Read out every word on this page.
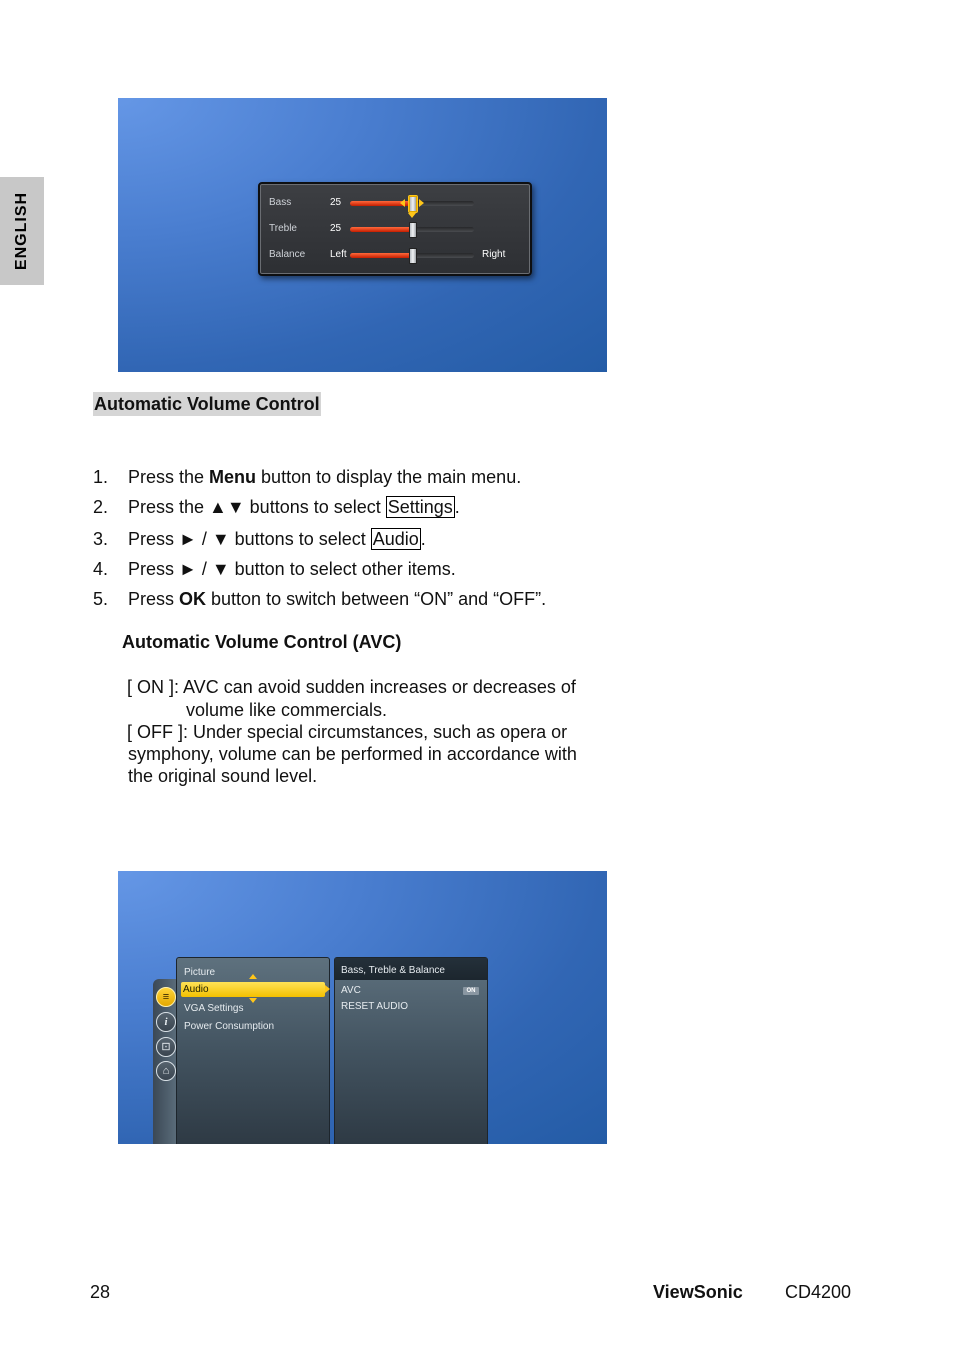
ENGLISH	Bass	25
Treble	25
Balance Left	Right
Automatic Volume Control
1. Press the Menu button to display the main menu.
2. Press the ▲▼ buttons to select Settings .
3. Press ► / ▼ buttons to select Audio .
4. Press ► / ▼ button to select other items.
5. Press OK button to switch between “ON” and “OFF”.
Automatic Volume Control (AVC)
[ ON ]: AVC can avoid sudden increases or decreases of
volume like commercials.
[ OFF ]: Under special circumstances, such as opera or
symphony, volume can be performed in accordance with
the original sound level.
≡
i
⊡
⌂
Picture
Audio
VGA Settings
Power Consumption
Bass, Treble & Balance
AVC	ON
RESET AUDIO
28	ViewSonic CD4200
